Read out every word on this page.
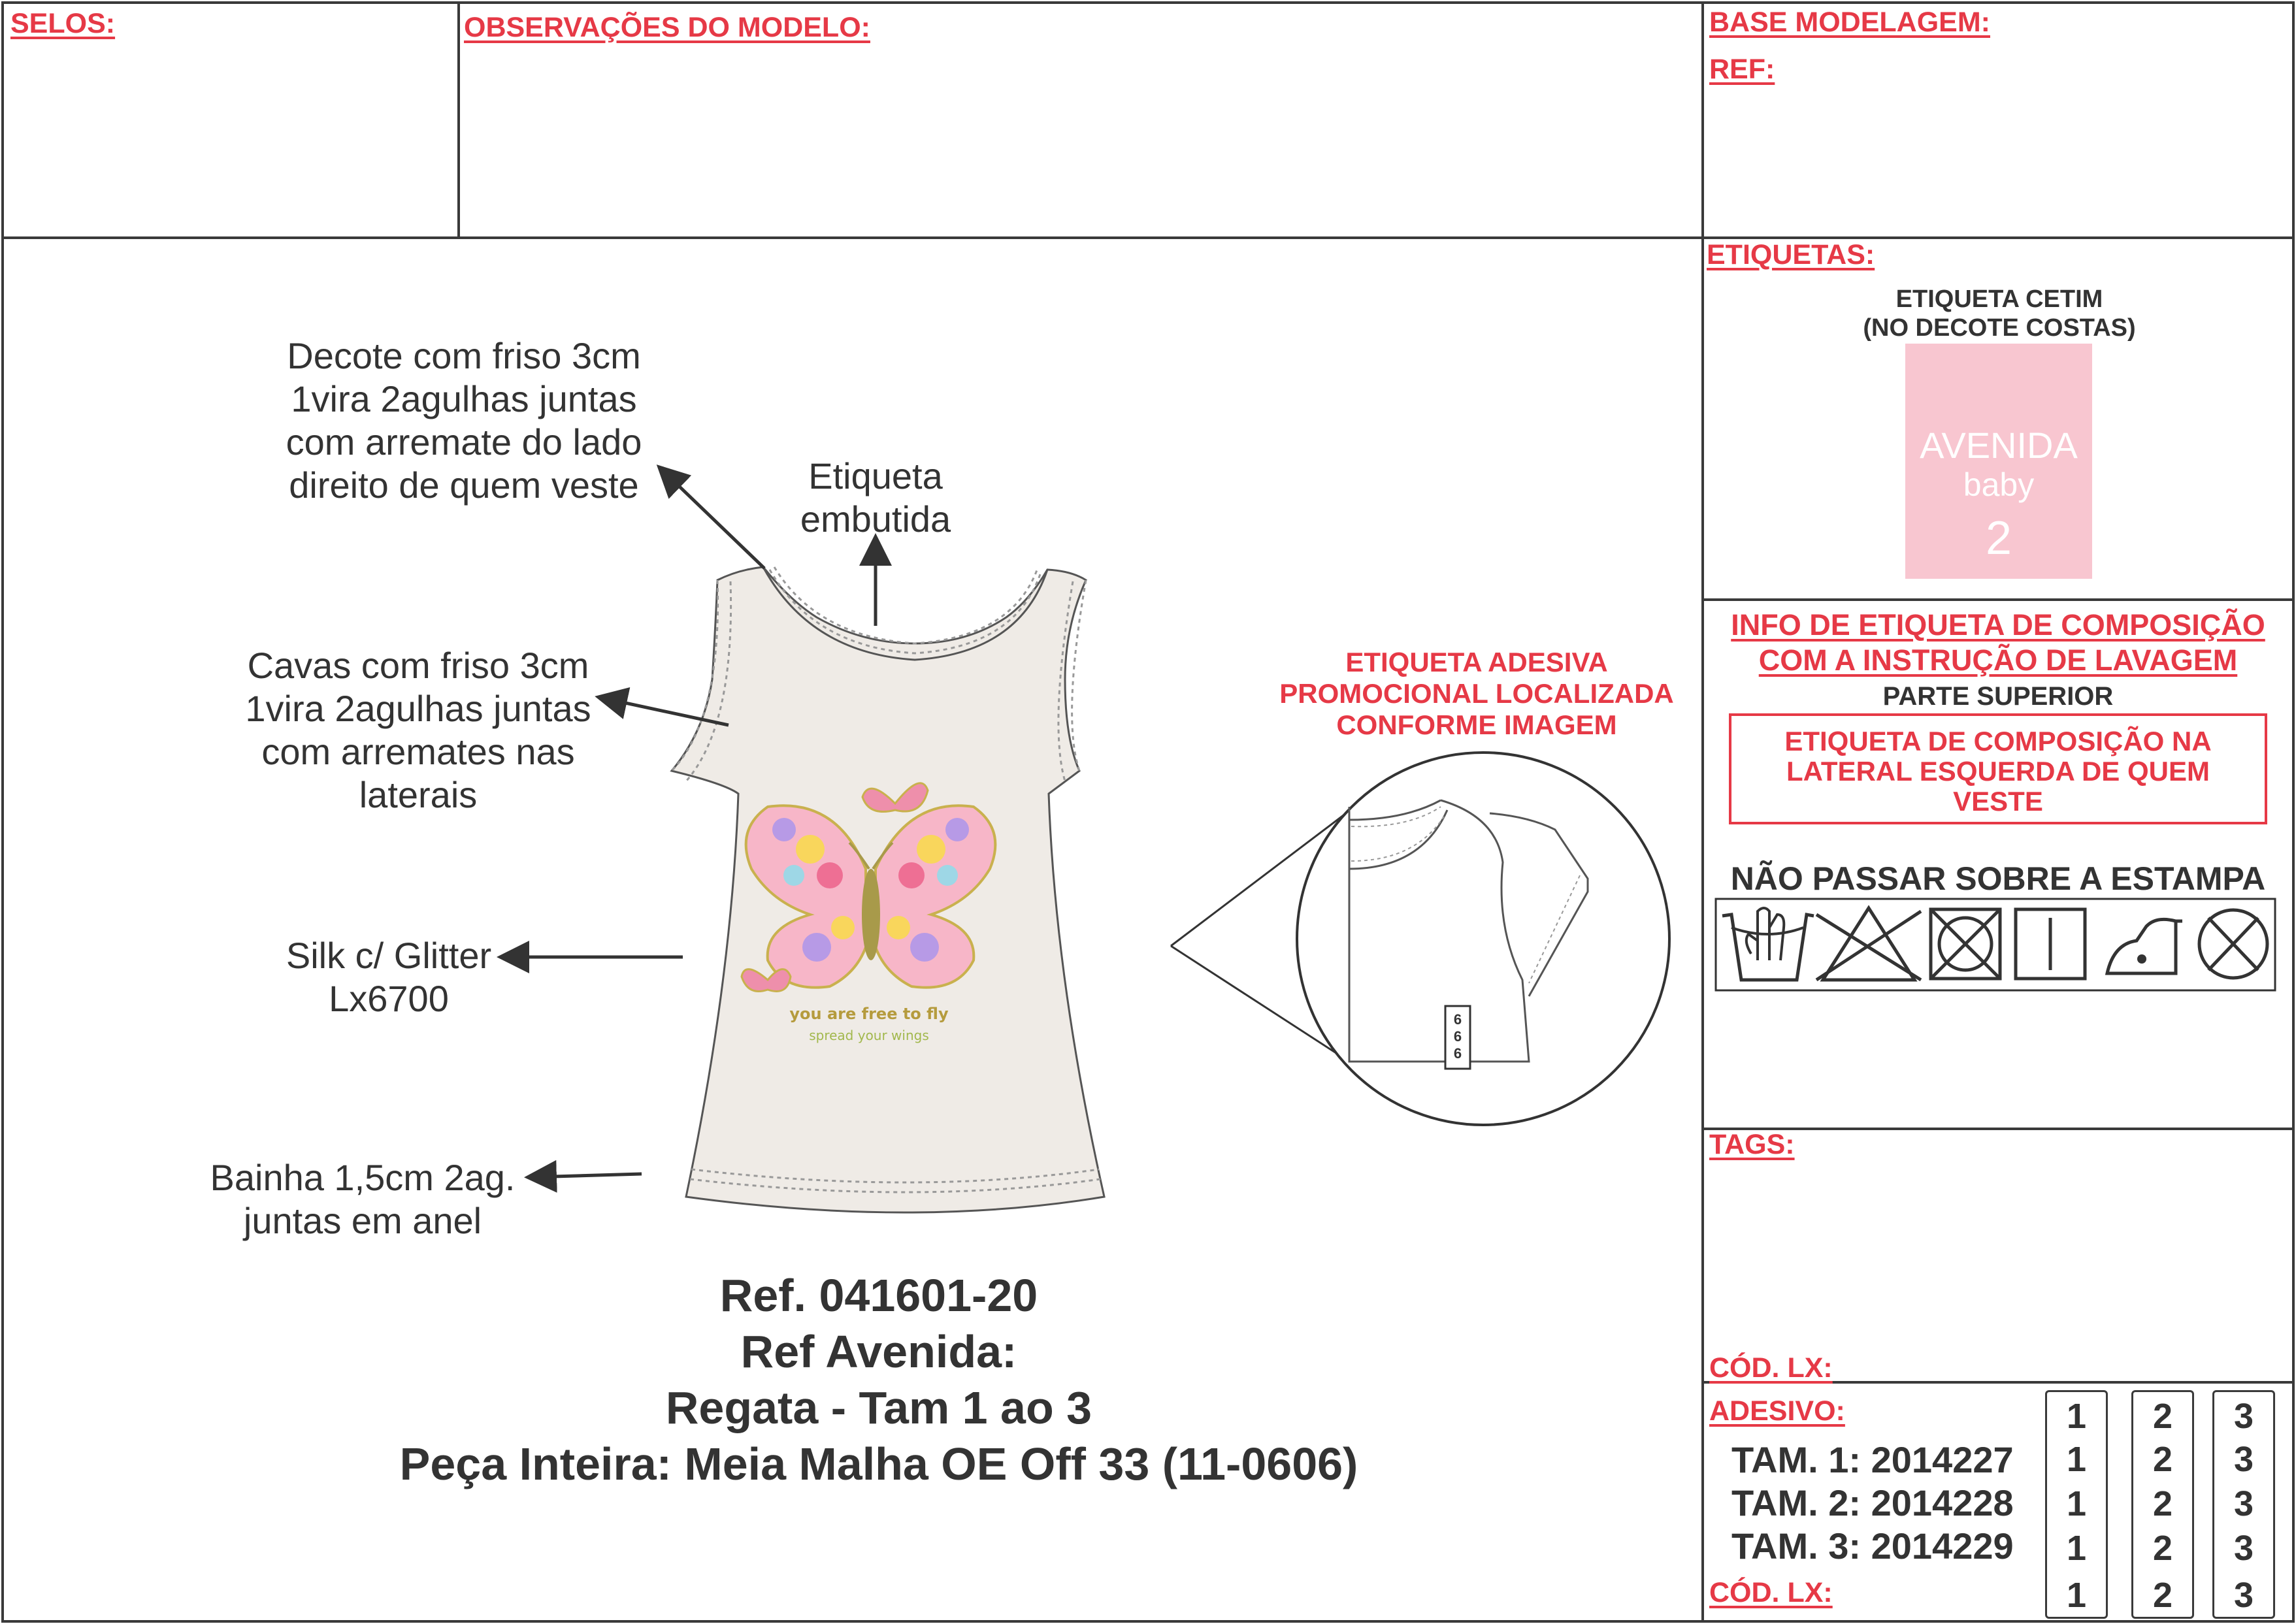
SELOS:	OBSERVAÇÕES DO MODELO:	BASE MODELAGEM:
REF:
Decote com friso 3cm
1vira 2agulhas juntas
com arremate do lado
direito de quem veste	Etiqueta
embutida
Cavas com friso 3cm
1vira 2agulhas juntas
com arremates nas
laterais
Silk c/ Glitter
Lx6700
Bainha 1,5cm 2ag.
juntas em anel
you are free to fly
spread your wings
6
6
6
ETIQUETA ADESIVA
PROMOCIONAL LOCALIZADA
CONFORME IMAGEM
Ref. 041601-20
Ref Avenida:
Regata - Tam 1 ao 3
Peça Inteira: Meia Malha OE Off 33 (11-0606)
ETIQUETAS:
ETIQUETA CETIM
(NO DECOTE COSTAS)
AVENIDA
baby
2
INFO DE ETIQUETA DE COMPOSIÇÃO
COM A INSTRUÇÃO DE LAVAGEM
PARTE SUPERIOR
ETIQUETA DE COMPOSIÇÃO NA
LATERAL ESQUERDA DE QUEM
VESTE
NÃO PASSAR SOBRE A ESTAMPA
TAGS:
CÓD. LX:
ADESIVO:
TAM. 1: 2014227
TAM. 2: 2014228
TAM. 3: 2014229
CÓD. LX:
1
1
1
1
1
2
2
2
2
2
3
3
3
3
3
